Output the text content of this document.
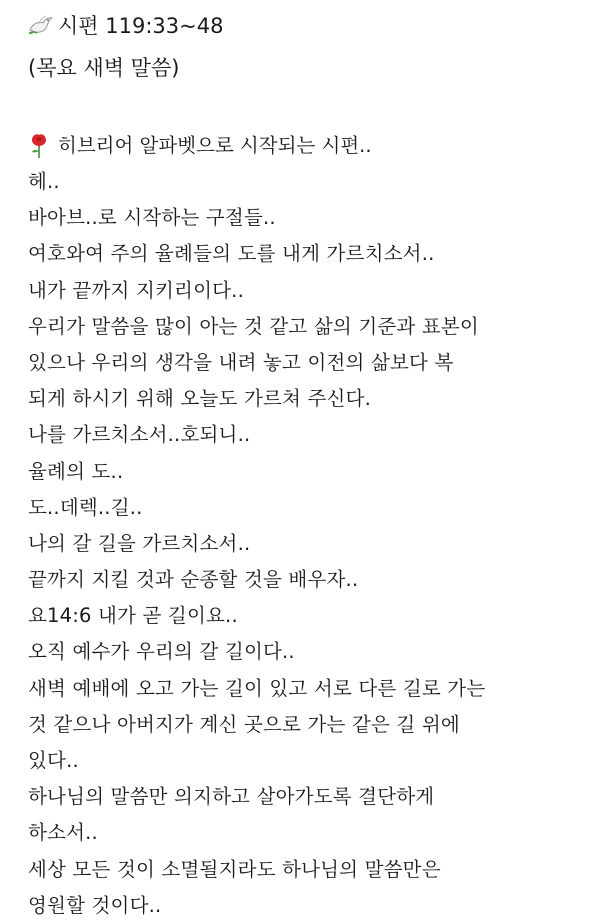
시편 119:33~48
(목요 새벽 말씀)
히브리어 알파벳으로 시작되는 시편..
헤..
바아브..로 시작하는 구절들..
여호와여 주의 율례들의 도를 내게 가르치소서..
내가 끝까지 지키리이다..
우리가 말씀을 많이 아는 것 같고 삶의 기준과 표본이
있으나 우리의 생각을 내려 놓고 이전의 삶보다 복
되게 하시기 위해 오늘도 가르쳐 주신다.
나를 가르치소서..호되니..
율례의 도..
도..데렉..길..
나의 갈 길을 가르치소서..
끝까지 지킬 것과 순종할 것을 배우자..
요14:6 내가 곧 길이요..
오직 예수가 우리의 갈 길이다..
새벽 예배에 오고 가는 길이 있고 서로 다른 길로 가는
것 같으나 아버지가 계신 곳으로 가는 같은 길 위에
있다..
하나님의 말씀만 의지하고 살아가도록 결단하게
하소서..
세상 모든 것이 소멸될지라도 하나님의 말씀만은
영원할 것이다..
